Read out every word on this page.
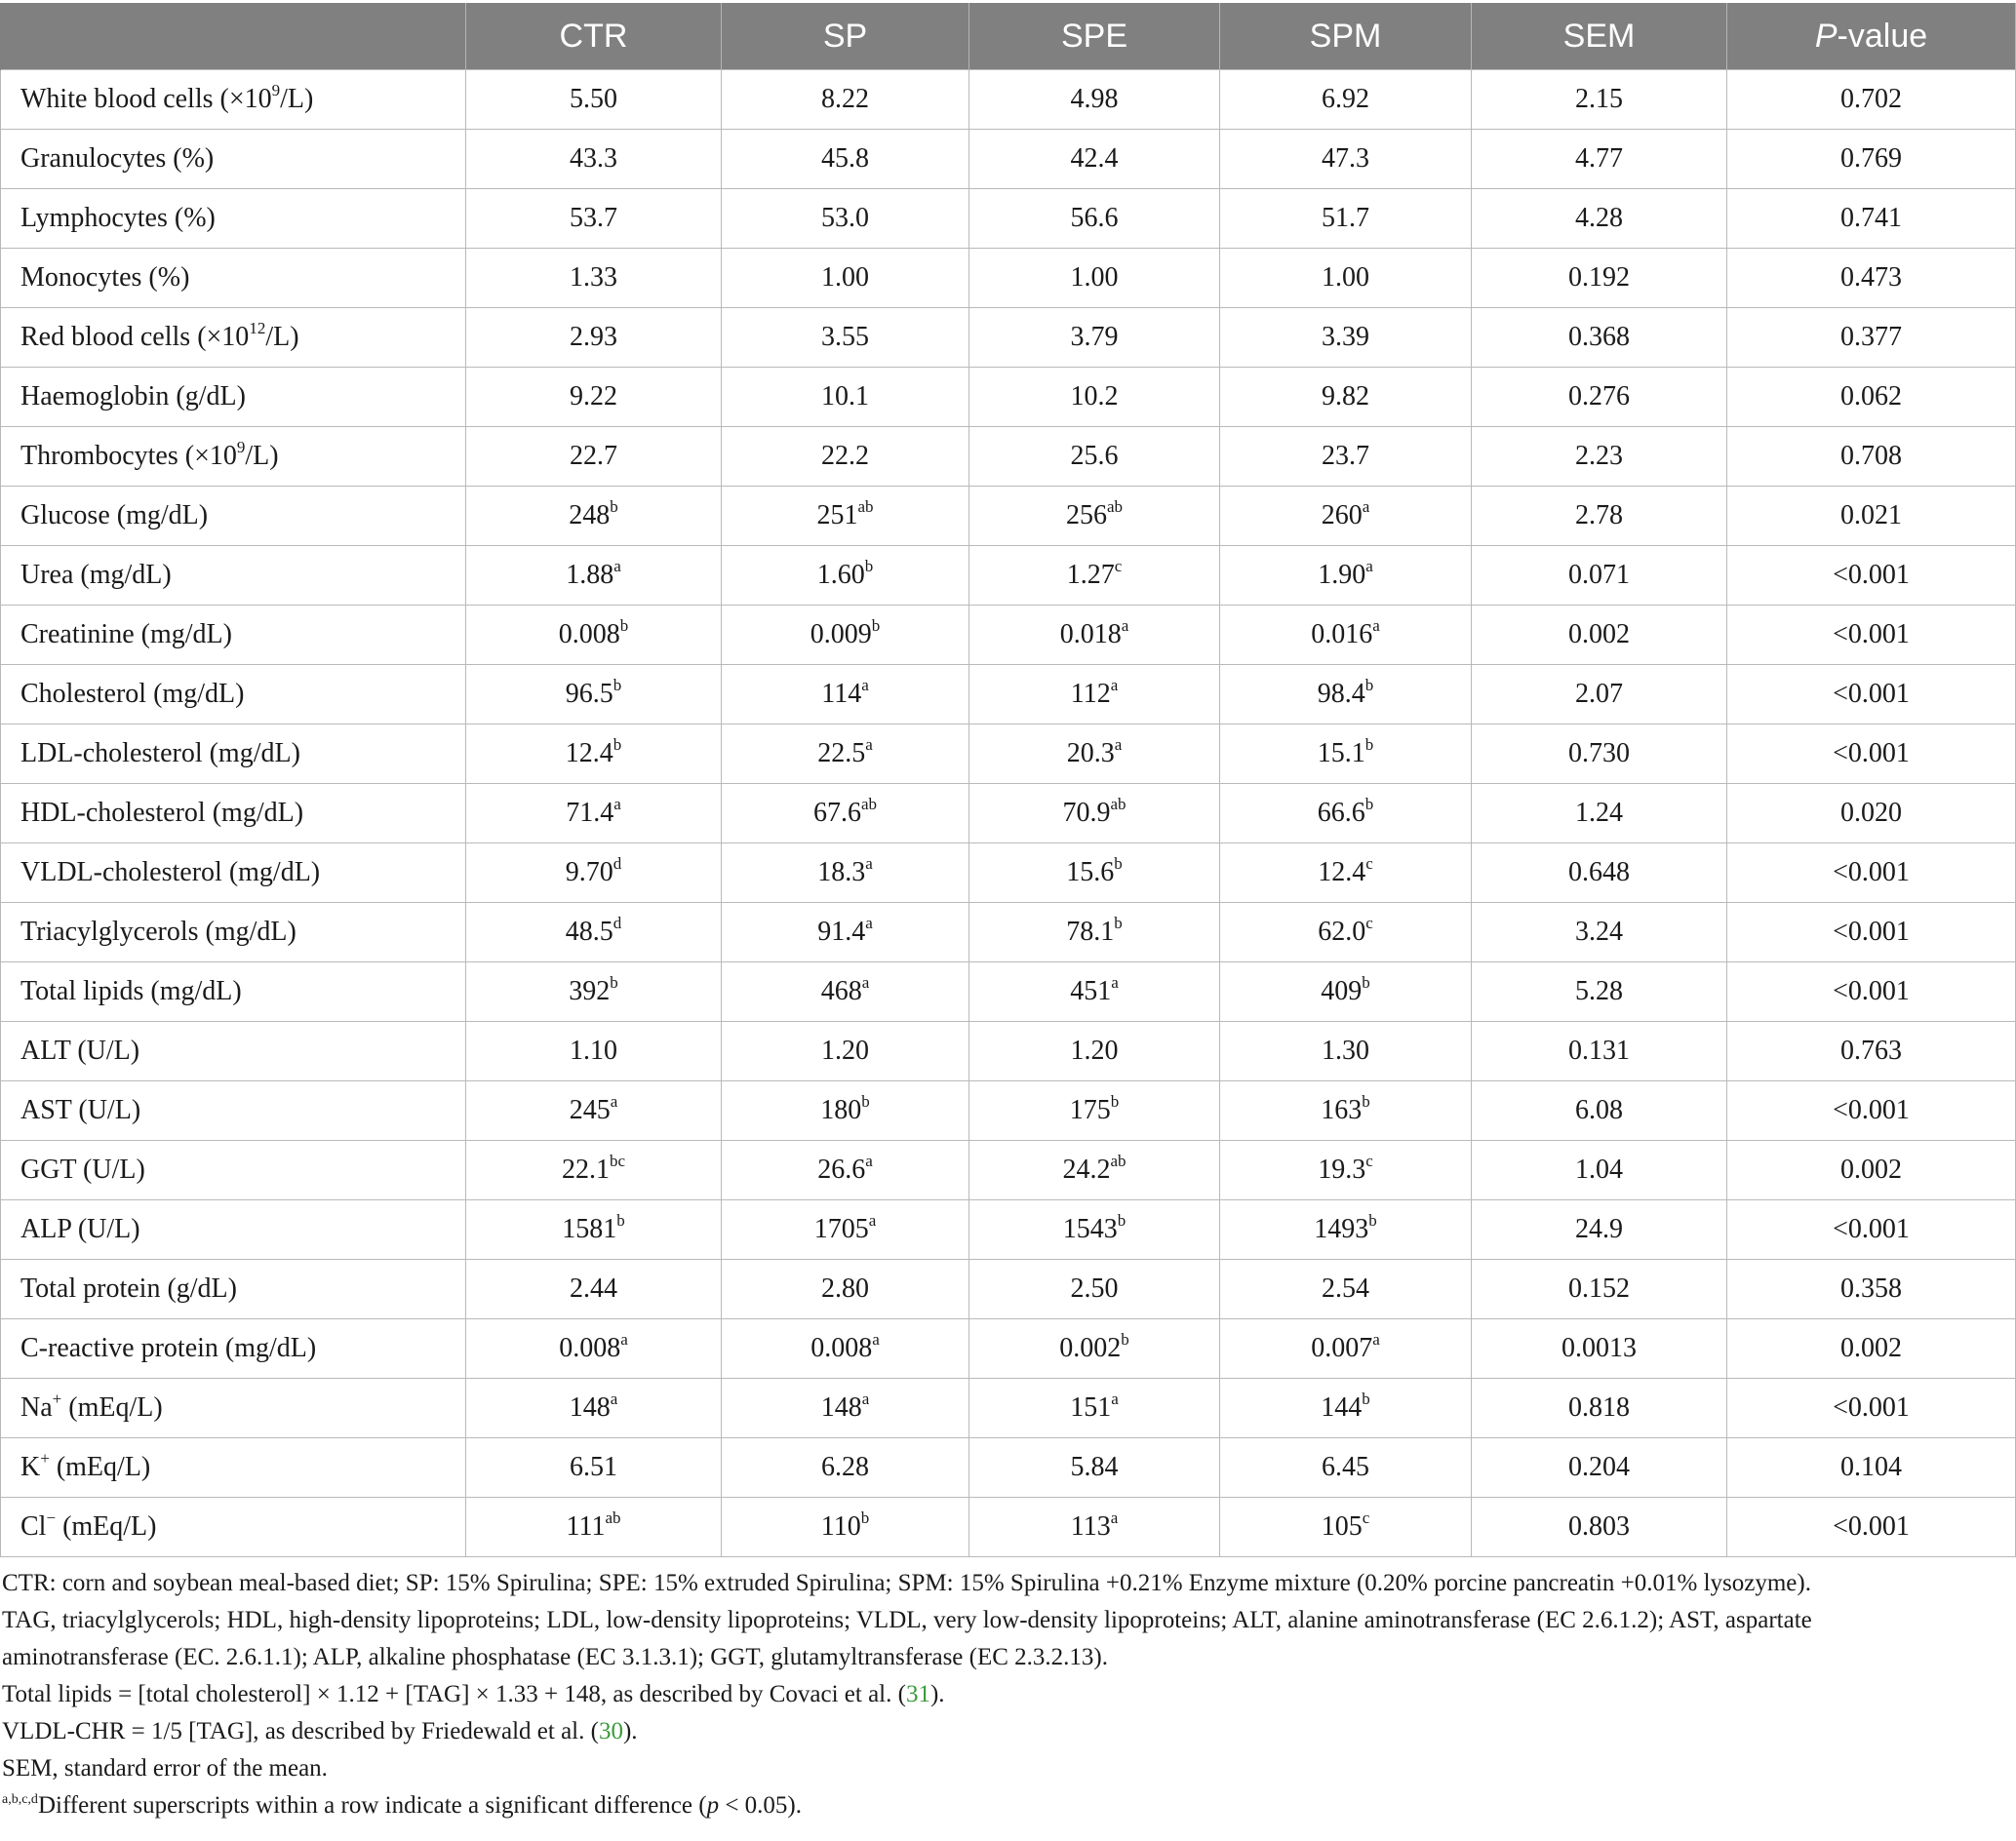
	CTR	SP	SPE	SPM	SEM	P-value
White blood cells $(\times 10^9/L)$	5.50	8.22	4.98	6.92	2.15	0.702
Granulocytes (%)	43.3	45.8	42.4	47.3	4.77	0.769
Lymphocytes (%)	53.7	53.0	56.6	51.7	4.28	0.741
Monocytes (%)	1.33	1.00	1.00	1.00	0.192	0.473
Red blood cells $(\times 10^{12}/L)$	2.93	3.55	3.79	3.39	0.368	0.377
Haemoglobin (g/dL)	9.22	10.1	10.2	9.82	0.276	0.062
Thrombocytes $(\times 10^9/L)$	22.7	22.2	25.6	23.7	2.23	0.708
Glucose (mg/dL)	248$^b$	$251^{ab}$	$256^{ab}$	260$^a$	2.78	0.021
Urea (mg/dL)	1.88$^a$	1.60$^b$	1.27$^c$	1.90$^a$	0.071	<0.001
Creatinine (mg/dL)	0.008$^b$	0.009$^b$	0.018$^a$	0.016$^a$	0.002	<0.001
Cholesterol (mg/dL)	96.5$^b$	114$^a$	112$^a$	98.4$^b$	2.07	<0.001
LDL-cholesterol (mg/dL)	12.4$^b$	22.5$^a$	20.3$^a$	15.1$^b$	0.730	<0.001
HDL-cholesterol (mg/dL)	71.4$^a$	67.6$^{ab}$	70.9$^{ab}$	66.6$^b$	1.24	0.020
VLDL-cholesterol (mg/dL)	9.70$^d$	18.3$^a$	15.6$^b$	12.4$^c$	0.648	<0.001
Triacylglycerols (mg/dL)	48.5$^d$	91.4$^a$	78.1$^b$	62.0$^c$	3.24	<0.001
Total lipids (mg/dL)	392$^b$	468$^a$	451$^a$	409$^b$	5.28	<0.001
ALT (U/L)	1.10	1.20	1.20	1.30	0.131	0.763
AST (U/L)	245$^a$	180$^b$	175$^b$	163$^b$	6.08	<0.001
GGT (U/L)	22.1$^{bc}$	26.6$^a$	24.2$^{ab}$	19.3$^c$	1.04	0.002
ALP (U/L)	1581$^b$	1705$^a$	1543$^b$	1493$^b$	24.9	<0.001
Total protein (g/dL)	2.44	2.80	2.50	2.54	0.152	0.358
C-reactive protein (mg/dL)	0.008$^a$	0.008$^a$	0.002$^b$	0.007$^a$	0.0013	0.002
Na+ (mEq/L)	148$^a$	148$^a$	151$^a$	144$^b$	0.818	<0.001
K+ (mEq/L)	6.51	6.28	5.84	6.45	0.204	0.104
Cl− (mEq/L)	$111^{ab}$	110$^b$	113$^a$	105$^c$	0.803	<0.001
CTR: corn and soybean meal-based diet; SP: 15% Spirulina; SPE: 15% extruded Spirulina; SPM: 15% Spirulina +0.21% Enzyme mixture (0.20% porcine pancreatin +0.01% lysozyme).
TAG, triacylglycerols; HDL, high-density lipoproteins; LDL, low-density lipoproteins; VLDL, very low-density lipoproteins; ALT, alanine aminotransferase (EC 2.6.1.2); AST, aspartate
aminotransferase (EC. 2.6.1.1); ALP, alkaline phosphatase (EC 3.1.3.1); GGT, glutamyltransferase (EC 2.3.2.13).
Total lipids = [total cholesterol] × 1.12 + [TAG] × 1.33 + 148, as described by Covaci et al. (31).
VLDL-CHR = 1/5 [TAG], as described by Friedewald et al. (30).
SEM, standard error of the mean.
$^{a,b,c,d}$Different superscripts within a row indicate a significant difference (p < 0.05).
